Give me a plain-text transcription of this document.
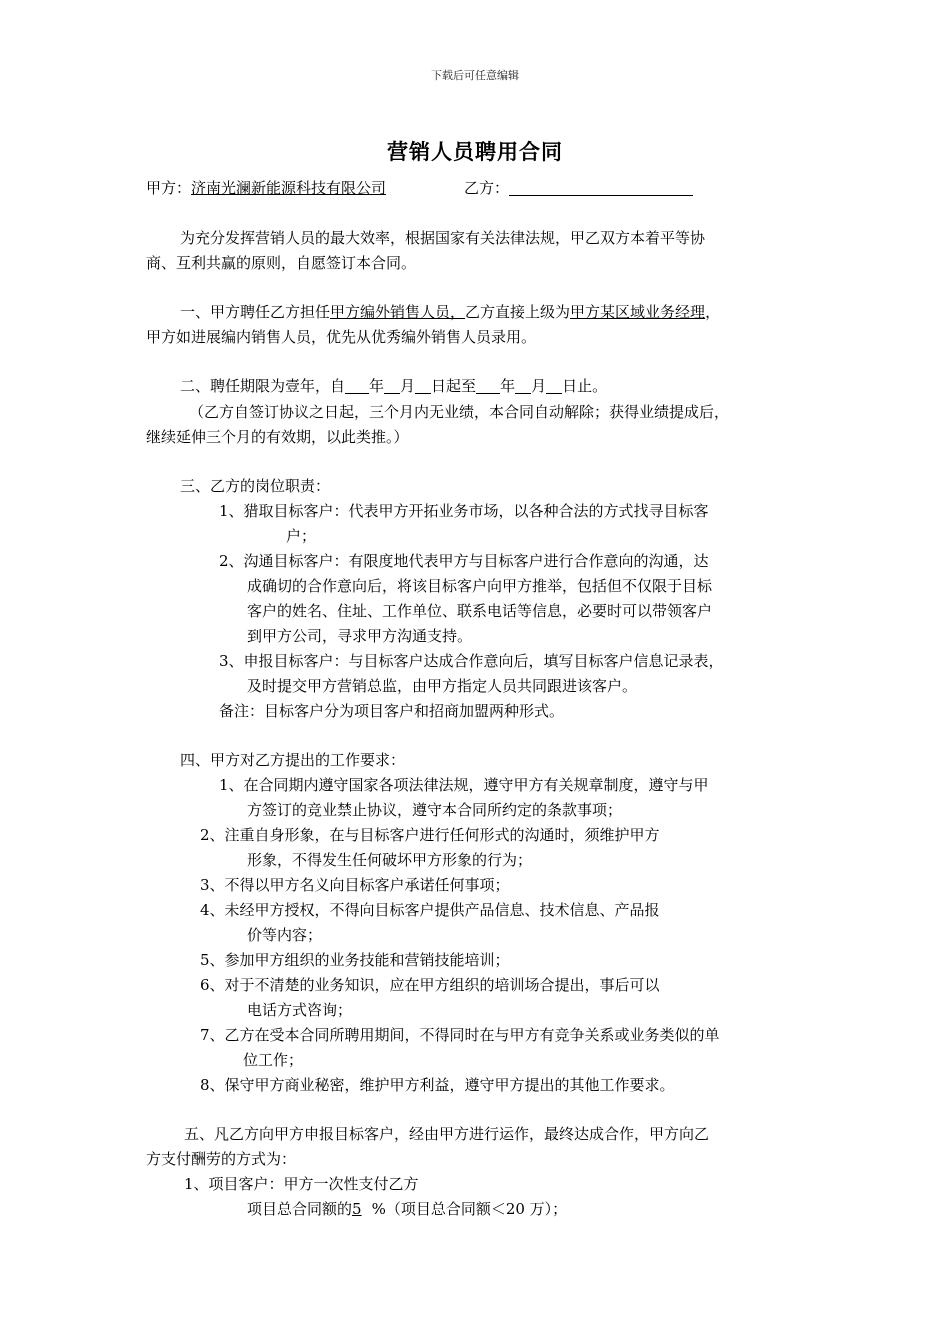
下载后可任意编辑
营销人员聘用合同
甲方：济南光澜新能源科技有限公司	乙方：
为充分发挥营销人员的最大效率，根据国家有关法律法规，甲乙双方本着平等协
商、互利共赢的原则，自愿签订本合同。
一、甲方聘任乙方担任甲方编外销售人员，乙方直接上级为甲方某区域业务经理，
甲方如进展编内销售人员，优先从优秀编外销售人员录用。
二、聘任期限为壹年，自 年 月 日起至 年 月 日止。
（乙方自签订协议之日起，三个月内无业绩，本合同自动解除；获得业绩提成后，
继续延伸三个月的有效期，以此类推。）
三、乙方的岗位职责：
1、猎取目标客户：代表甲方开拓业务市场，以各种合法的方式找寻目标客
户；
2、沟通目标客户：有限度地代表甲方与目标客户进行合作意向的沟通，达
成确切的合作意向后，将该目标客户向甲方推举，包括但不仅限于目标
客户的姓名、住址、工作单位、联系电话等信息，必要时可以带领客户
到甲方公司，寻求甲方沟通支持。
3、申报目标客户：与目标客户达成合作意向后，填写目标客户信息记录表，
及时提交甲方营销总监，由甲方指定人员共同跟进该客户。
备注：目标客户分为项目客户和招商加盟两种形式。
四、甲方对乙方提出的工作要求：
1、在合同期内遵守国家各项法律法规，遵守甲方有关规章制度，遵守与甲
方签订的竞业禁止协议，遵守本合同所约定的条款事项；
2、注重自身形象，在与目标客户进行任何形式的沟通时，须维护甲方
形象，不得发生任何破坏甲方形象的行为；
3、不得以甲方名义向目标客户承诺任何事项；
4、未经甲方授权，不得向目标客户提供产品信息、技术信息、产品报
价等内容；
5、参加甲方组织的业务技能和营销技能培训；
6、对于不清楚的业务知识，应在甲方组织的培训场合提出，事后可以
电话方式咨询；
7、乙方在受本合同所聘用期间，不得同时在与甲方有竞争关系或业务类似的单
位工作；
8、保守甲方商业秘密，维护甲方利益，遵守甲方提出的其他工作要求。
五、凡乙方向甲方申报目标客户，经由甲方进行运作，最终达成合作，甲方向乙
方支付酬劳的方式为：
1、项目客户：甲方一次性支付乙方
项目总合同额的5 %（项目总合同额＜20 万）；
